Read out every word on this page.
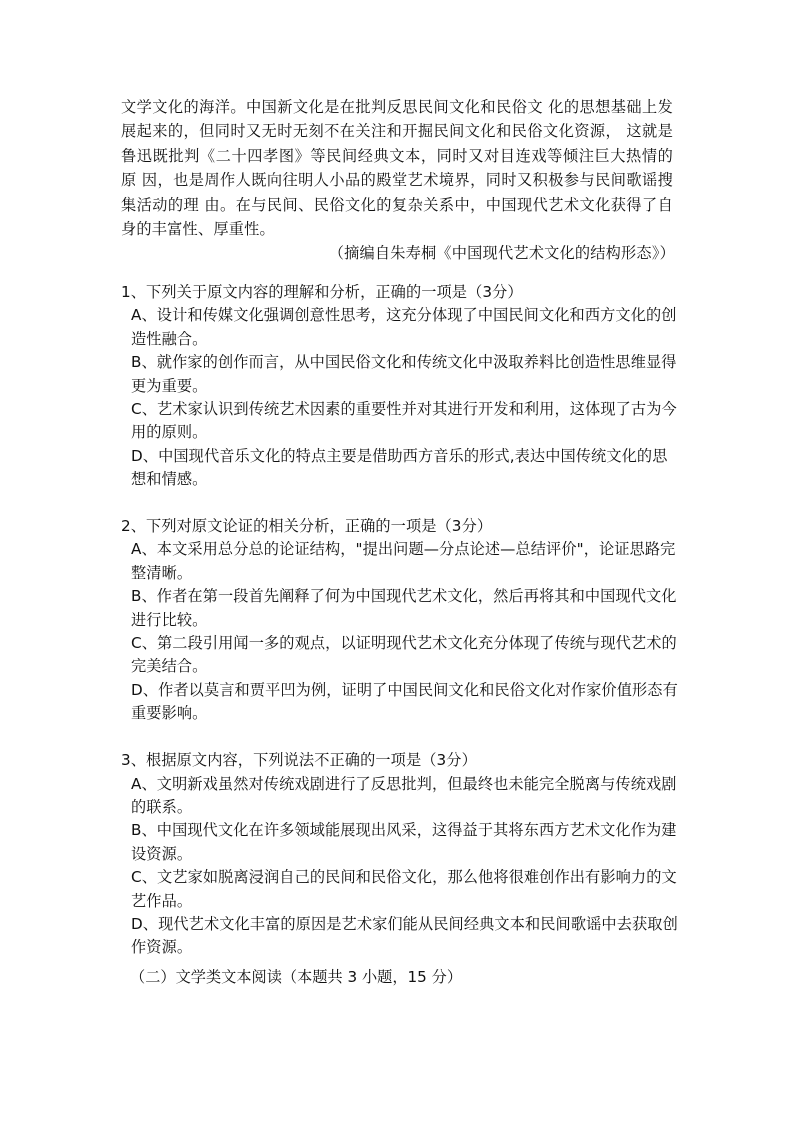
文学文化的海洋。中国新文化是在批判反思民间文化和民俗文 化的思想基础上发展起来的，但同时又无时无刻不在关注和开掘民间文化和民俗文化资源， 这就是鲁迅既批判《二十四孝图》等民间经典文本，同时又对目连戏等倾注巨大热情的原 因，也是周作人既向往明人小品的殿堂艺术境界，同时又积极参与民间歌谣搜集活动的理 由。在与民间、民俗文化的复杂关系中，中国现代艺术文化获得了自身的丰富性、厚重性。
（摘编自朱寿桐《中国现代艺术文化的结构形态》）
1、下列关于原文内容的理解和分析，正确的一项是（3分）
A、设计和传媒文化强调创意性思考，这充分体现了中国民间文化和西方文化的创造性融合。
B、就作家的创作而言，从中国民俗文化和传统文化中汲取养料比创造性思维显得更为重要。
C、艺术家认识到传统艺术因素的重要性并对其进行开发和利用，这体现了古为今用的原则。
D、中国现代音乐文化的特点主要是借助西方音乐的形式,表达中国传统文化的思想和情感。
2、下列对原文论证的相关分析，正确的一项是（3分）
A、本文采用总分总的论证结构，"提出问题—分点论述—总结评价"，论证思路完整清晰。
B、作者在第一段首先阐释了何为中国现代艺术文化，然后再将其和中国现代文化进行比较。
C、第二段引用闻一多的观点，以证明现代艺术文化充分体现了传统与现代艺术的完美结合。
D、作者以莫言和贾平凹为例，证明了中国民间文化和民俗文化对作家价值形态有重要影响。
3、根据原文内容，下列说法不正确的一项是（3分）
A、文明新戏虽然对传统戏剧进行了反思批判，但最终也未能完全脱离与传统戏剧的联系。
B、中国现代文化在许多领域能展现出风采，这得益于其将东西方艺术文化作为建设资源。
C、文艺家如脱离浸润自己的民间和民俗文化，那么他将很难创作出有影响力的文艺作品。
D、现代艺术文化丰富的原因是艺术家们能从民间经典文本和民间歌谣中去获取创作资源。
（二）文学类文本阅读（本题共 3 小题，15 分）
